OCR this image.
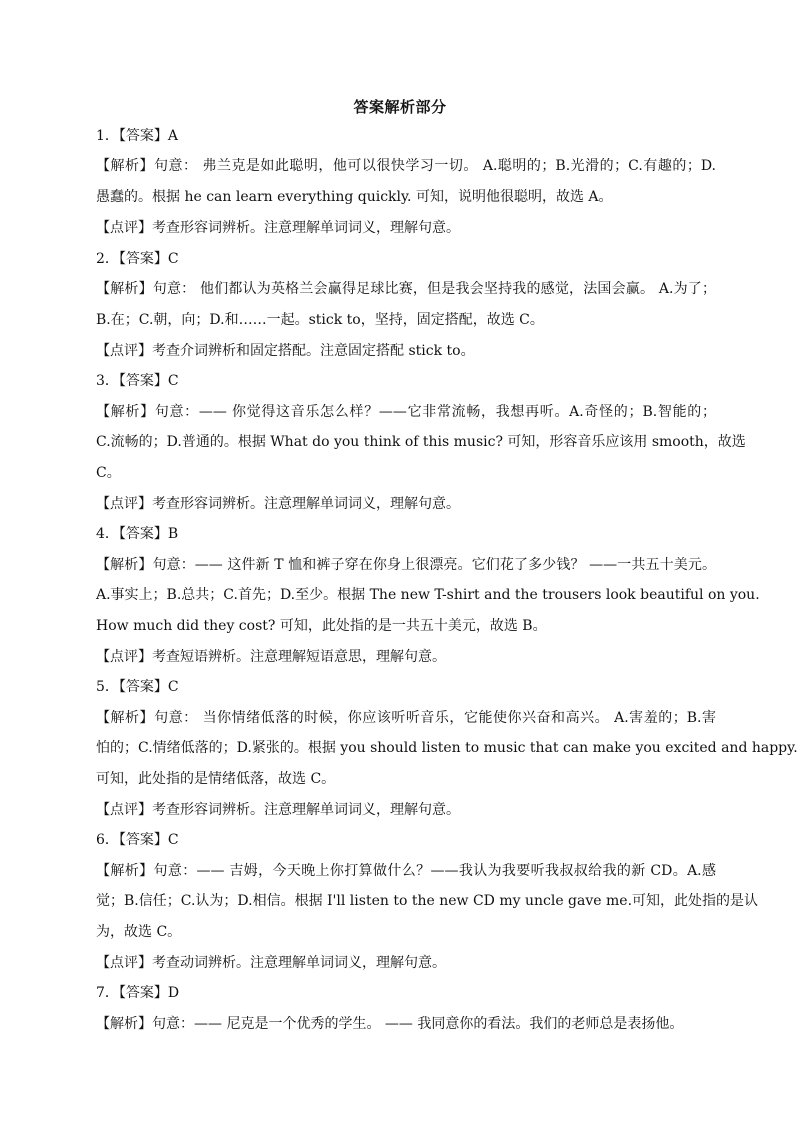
答案解析部分
1．【答案】A
【解析】句意： 弗兰克是如此聪明，他可以很快学习一切。 A.聪明的；B.光滑的；C.有趣的；D.
愚蠢的。根据 he can learn everything quickly. 可知，说明他很聪明，故选 A。
【点评】考查形容词辨析。注意理解单词词义，理解句意。
2．【答案】C
【解析】句意： 他们都认为英格兰会赢得足球比赛，但是我会坚持我的感觉，法国会赢。 A.为了；
B.在；C.朝，向；D.和……一起。stick to，坚持，固定搭配，故选 C。
【点评】考查介词辨析和固定搭配。注意固定搭配 stick to。
3．【答案】C
【解析】句意：—— 你觉得这音乐怎么样？——它非常流畅，我想再听。A.奇怪的；B.智能的；
C.流畅的；D.普通的。根据 What do you think of this music? 可知，形容音乐应该用 smooth，故选
C。
【点评】考查形容词辨析。注意理解单词词义，理解句意。
4．【答案】B
【解析】句意：—— 这件新 T 恤和裤子穿在你身上很漂亮。它们花了多少钱？ ——一共五十美元。
A.事实上；B.总共；C.首先；D.至少。根据 The new T-shirt and the trousers look beautiful on you.
How much did they cost? 可知，此处指的是一共五十美元，故选 B。
【点评】考查短语辨析。注意理解短语意思，理解句意。
5．【答案】C
【解析】句意： 当你情绪低落的时候，你应该听听音乐，它能使你兴奋和高兴。 A.害羞的；B.害
怕的；C.情绪低落的；D.紧张的。根据 you should listen to music that can make you excited and happy.
可知，此处指的是情绪低落，故选 C。
【点评】考查形容词辨析。注意理解单词词义，理解句意。
6．【答案】C
【解析】句意：—— 吉姆，今天晚上你打算做什么？——我认为我要听我叔叔给我的新 CD。A.感
觉；B.信任；C.认为；D.相信。根据 I'll listen to the new CD my uncle gave me.可知，此处指的是认
为，故选 C。
【点评】考查动词辨析。注意理解单词词义，理解句意。
7．【答案】D
【解析】句意：—— 尼克是一个优秀的学生。 —— 我同意你的看法。我们的老师总是表扬他。
